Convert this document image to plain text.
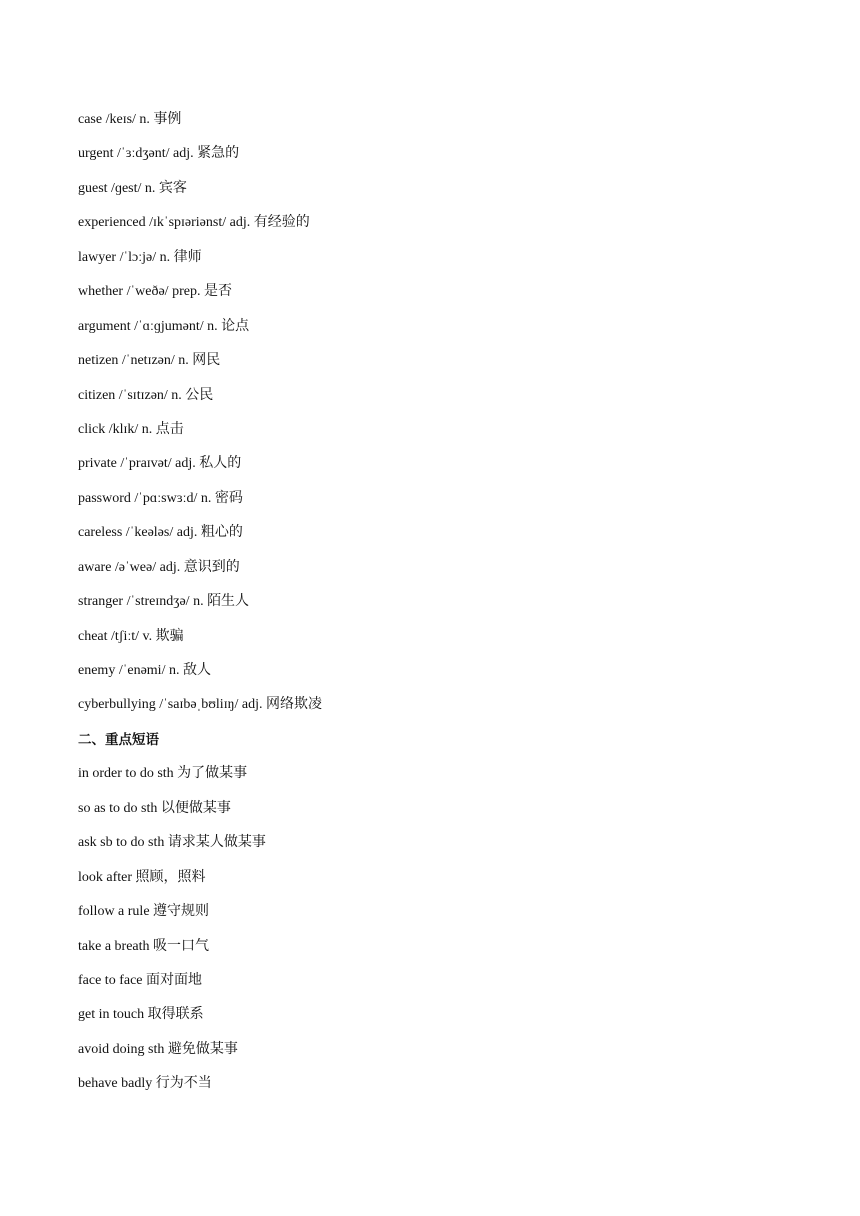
case /keɪs/ n. 事例
urgent /ˈɜːdʒənt/ adj. 紧急的
guest /ɡest/ n. 宾客
experienced /ɪkˈspɪəriənst/ adj. 有经验的
lawyer /ˈlɔːjə/ n. 律师
whether /ˈweðə/ prep. 是否
argument /ˈɑːɡjumənt/ n. 论点
netizen /ˈnetɪzən/ n. 网民
citizen /ˈsɪtɪzən/ n. 公民
click /klɪk/ n. 点击
private /ˈpraɪvət/ adj. 私人的
password /ˈpɑːswɜːd/ n. 密码
careless /ˈkeələs/ adj. 粗心的
aware /əˈweə/ adj. 意识到的
stranger /ˈstreɪndʒə/ n. 陌生人
cheat /tʃiːt/ v. 欺骗
enemy /ˈenəmi/ n. 敌人
cyberbullying /ˈsaɪbəˌbʊliɪŋ/ adj. 网络欺凌
二、重点短语
in order to do sth 为了做某事
so as to do sth 以便做某事
ask sb to do sth 请求某人做某事
look after 照顾，照料
follow a rule 遵守规则
take a breath 吸一口气
face to face 面对面地
get in touch 取得联系
avoid doing sth 避免做某事
behave badly 行为不当
